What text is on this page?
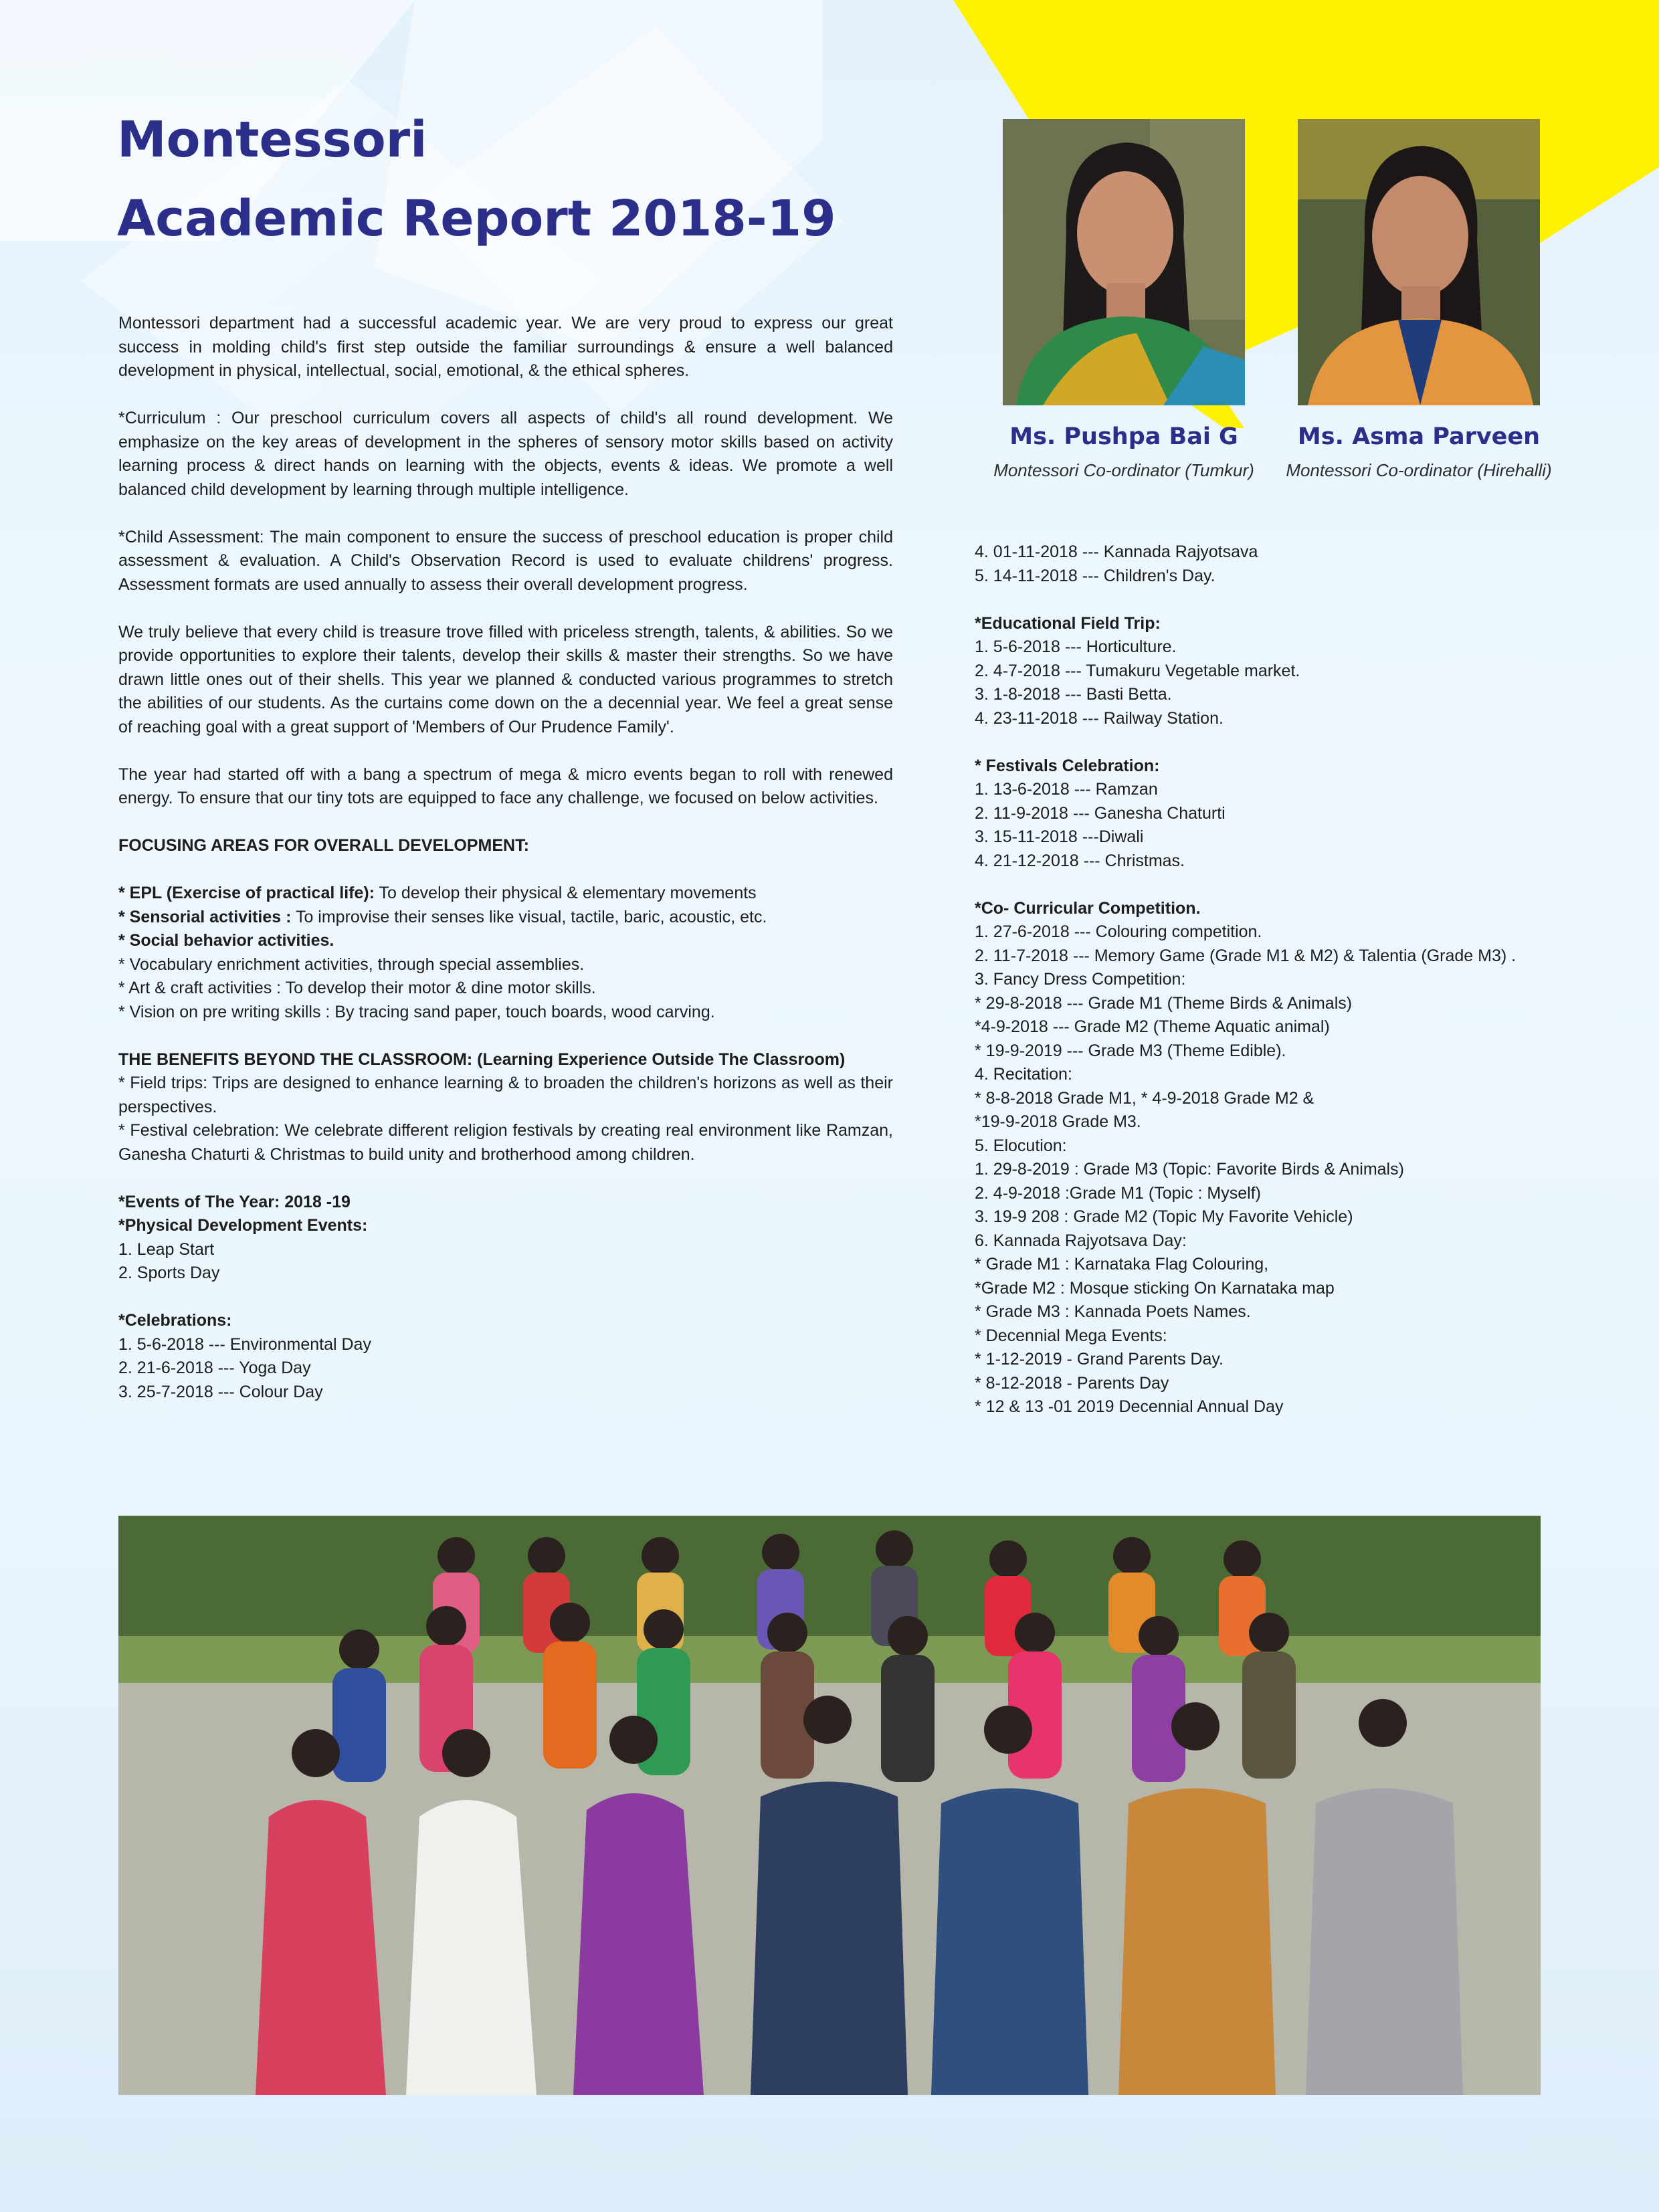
Montessori
Academic Report 2018-19
Ms. Pushpa Bai G
Montessori Co-ordinator (Tumkur)
Ms. Asma Parveen
Montessori Co-ordinator (Hirehalli)

Montessori department had a successful academic year. We are very proud to express our great success in molding child's first step outside the familiar surroundings & ensure a well balanced development in physical, intellectual, social, emotional, & the ethical spheres.

*Curriculum : Our preschool curriculum covers all aspects of child's all round development. We emphasize on the key areas of development in the spheres of sensory motor skills based on activity learning process & direct hands on learning with the objects, events & ideas. We promote a well balanced child development by learning through multiple intelligence.

*Child Assessment: The main component to ensure the success of preschool education is proper child assessment & evaluation. A Child's Observation Record is used to evaluate childrens' progress. Assessment formats are used annually to assess their overall development progress.

We truly believe that every child is treasure trove filled with priceless strength, talents, & abilities. So we provide opportunities to explore their talents, develop their skills & master their strengths. So we have drawn little ones out of their shells. This year we planned & conducted various programmes to stretch the abilities of our students. As the curtains come down on the a decennial year. We feel a great sense of reaching goal with a great support of 'Members of Our Prudence Family'.

The year had started off with a bang a spectrum of mega & micro events began to roll with renewed energy. To ensure that our tiny tots are equipped to face any challenge, we focused on below activities.

FOCUSING AREAS FOR OVERALL DEVELOPMENT:

* EPL (Exercise of practical life): To develop their physical & elementary movements

* Sensorial activities : To improvise their senses like visual, tactile, baric, acoustic, etc.

* Social behavior activities.

* Vocabulary enrichment activities, through special assemblies.

* Art & craft activities : To develop their motor & dine motor skills.

* Vision on pre writing skills : By tracing sand paper, touch boards, wood carving.

THE BENEFITS BEYOND THE CLASSROOM: (Learning Experience Outside The Classroom)

* Field trips: Trips are designed to enhance learning & to broaden the children's horizons as well as their perspectives.

* Festival celebration: We celebrate different religion festivals by creating real environment like Ramzan, Ganesha Chaturti & Christmas to build unity and brotherhood among children.

*Events of The Year: 2018 -19

*Physical Development Events:

1. Leap Start

2. Sports Day

*Celebrations:

1. 5-6-2018 --- Environmental Day

2. 21-6-2018 --- Yoga Day

3. 25-7-2018 --- Colour Day

4. 01-11-2018 --- Kannada Rajyotsava

5. 14-11-2018 --- Children's Day.

*Educational Field Trip:

1. 5-6-2018 --- Horticulture.

2. 4-7-2018 --- Tumakuru Vegetable market.

3. 1-8-2018 --- Basti Betta.

4. 23-11-2018 --- Railway Station.

* Festivals Celebration:

1. 13-6-2018 --- Ramzan

2. 11-9-2018 --- Ganesha Chaturti

3. 15-11-2018 ---Diwali

4. 21-12-2018 --- Christmas.

*Co- Curricular Competition.

1. 27-6-2018 --- Colouring competition.

2. 11-7-2018 --- Memory Game (Grade M1 & M2) & Talentia (Grade M3) .

3. Fancy Dress Competition:

* 29-8-2018 --- Grade M1 (Theme Birds & Animals)

*4-9-2018 --- Grade M2 (Theme Aquatic animal)

* 19-9-2019 --- Grade M3 (Theme Edible).

4. Recitation:

* 8-8-2018 Grade M1, * 4-9-2018 Grade M2 &

*19-9-2018 Grade M3.

5. Elocution:

1. 29-8-2019 : Grade M3 (Topic: Favorite Birds & Animals)

2. 4-9-2018 :Grade M1 (Topic : Myself)

3. 19-9 208 : Grade M2 (Topic My Favorite Vehicle)

6. Kannada Rajyotsava Day:

* Grade M1 : Karnataka Flag Colouring,

*Grade M2 : Mosque sticking On Karnataka map

* Grade M3 : Kannada Poets Names.

* Decennial Mega Events:

* 1-12-2019 - Grand Parents Day.

* 8-12-2018 - Parents Day

* 12 & 13 -01 2019 Decennial Annual Day
